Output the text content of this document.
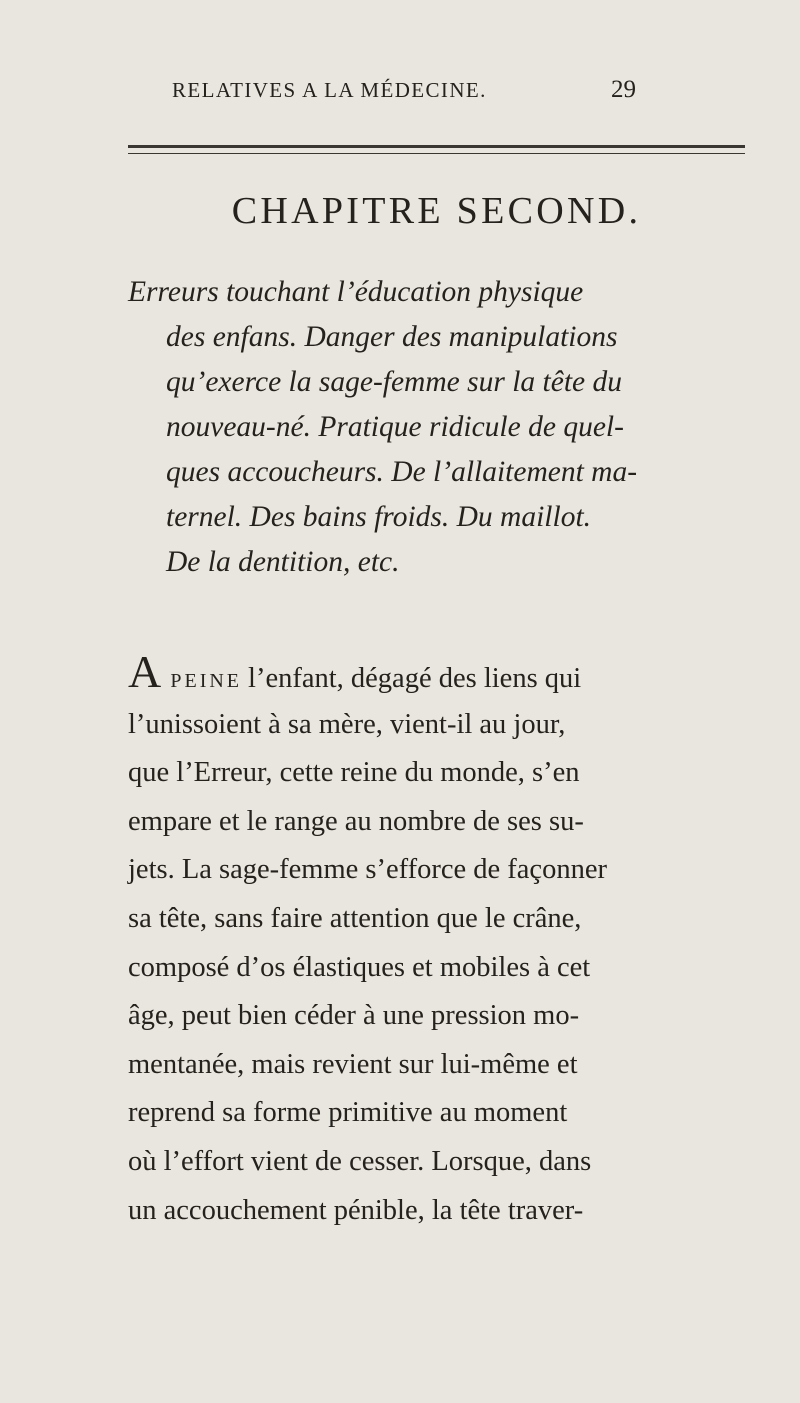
RELATIVES A LA MÉDECINE.	29
CHAPITRE SECOND.
Erreurs touchant l’éducation physique
des enfans. Danger des manipulations
qu’exerce la sage-femme sur la tête du
nouveau-né. Pratique ridicule de quel-
ques accoucheurs. De l’allaitement ma-
ternel. Des bains froids. Du maillot.
De la dentition, etc.
A PEINE l’enfant, dégagé des liens qui
l’unissoient à sa mère, vient-il au jour,
que l’Erreur, cette reine du monde, s’en
empare et le range au nombre de ses su-
jets. La sage-femme s’efforce de façonner
sa tête, sans faire attention que le crâne,
composé d’os élastiques et mobiles à cet
âge, peut bien céder à une pression mo-
mentanée, mais revient sur lui-même et
reprend sa forme primitive au moment
où l’effort vient de cesser. Lorsque, dans
un accouchement pénible, la tête traver-
